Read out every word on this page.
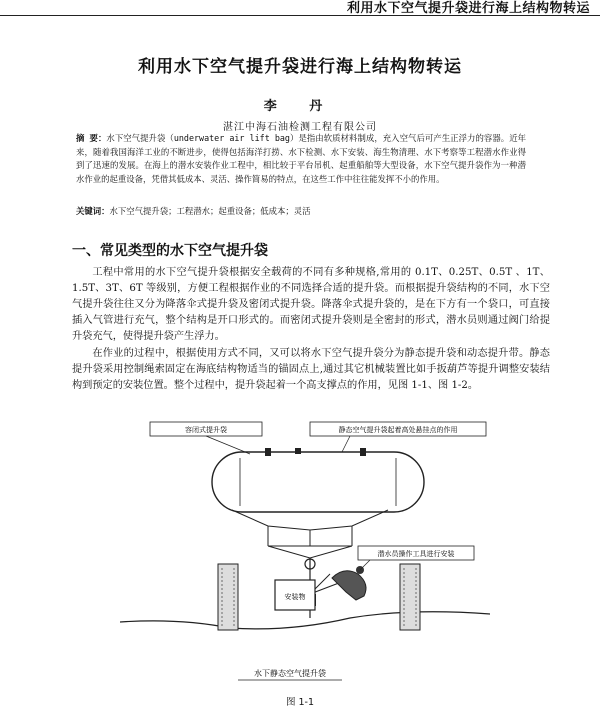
利用水下空气提升袋进行海上结构物转运
利用水下空气提升袋进行海上结构物转运
李 丹
湛江中海石油检测工程有限公司
摘 要：水下空气提升袋（underwater air lift bag）是指由软质材料制成，充入空气后可产生正浮力的容器。近年来，随着我国海洋工业的不断进步，使得包括海洋打捞、水下检测、水下安装、海生物清理、水下考察等工程潜水作业得到了迅速的发展。在海上的潜水安装作业工程中，相比较于平台吊机、起重船舶等大型设备，水下空气提升袋作为一种潜水作业的起重设备，凭借其低成本、灵活、操作简易的特点，在这些工作中往往能发挥不小的作用。
关键词：水下空气提升袋；工程潜水；起重设备；低成本；灵活
一、常见类型的水下空气提升袋
工程中常用的水下空气提升袋根据安全载荷的不同有多种规格,常用的 0.1T、0.25T、0.5T 、1T、1.5T、3T、6T 等级别，方便工程根据作业的不同选择合适的提升袋。而根据提升袋结构的不同，水下空气提升袋往往又分为降落伞式提升袋及密闭式提升袋。降落伞式提升袋的，是在下方有一个袋口，可直接插入气管进行充气，整个结构是开口形式的。而密闭式提升袋则是全密封的形式，潜水员则通过阀门给提升袋充气，使得提升袋产生浮力。
在作业的过程中，根据使用方式不同，又可以将水下空气提升袋分为静态提升袋和动态提升带。静态提升袋采用控制绳索固定在海底结构物适当的锚固点上,通过其它机械装置比如手扳葫芦等提升调整安装结构到预定的安装位置。整个过程中，提升袋起着一个高支撑点的作用，见图 1-1、图 1-2。
安装物
容闭式提升袋	静态空气提升袋起着高处悬挂点的作用
潜水员操作工具进行安装
水下静态空气提升袋
图 1-1
